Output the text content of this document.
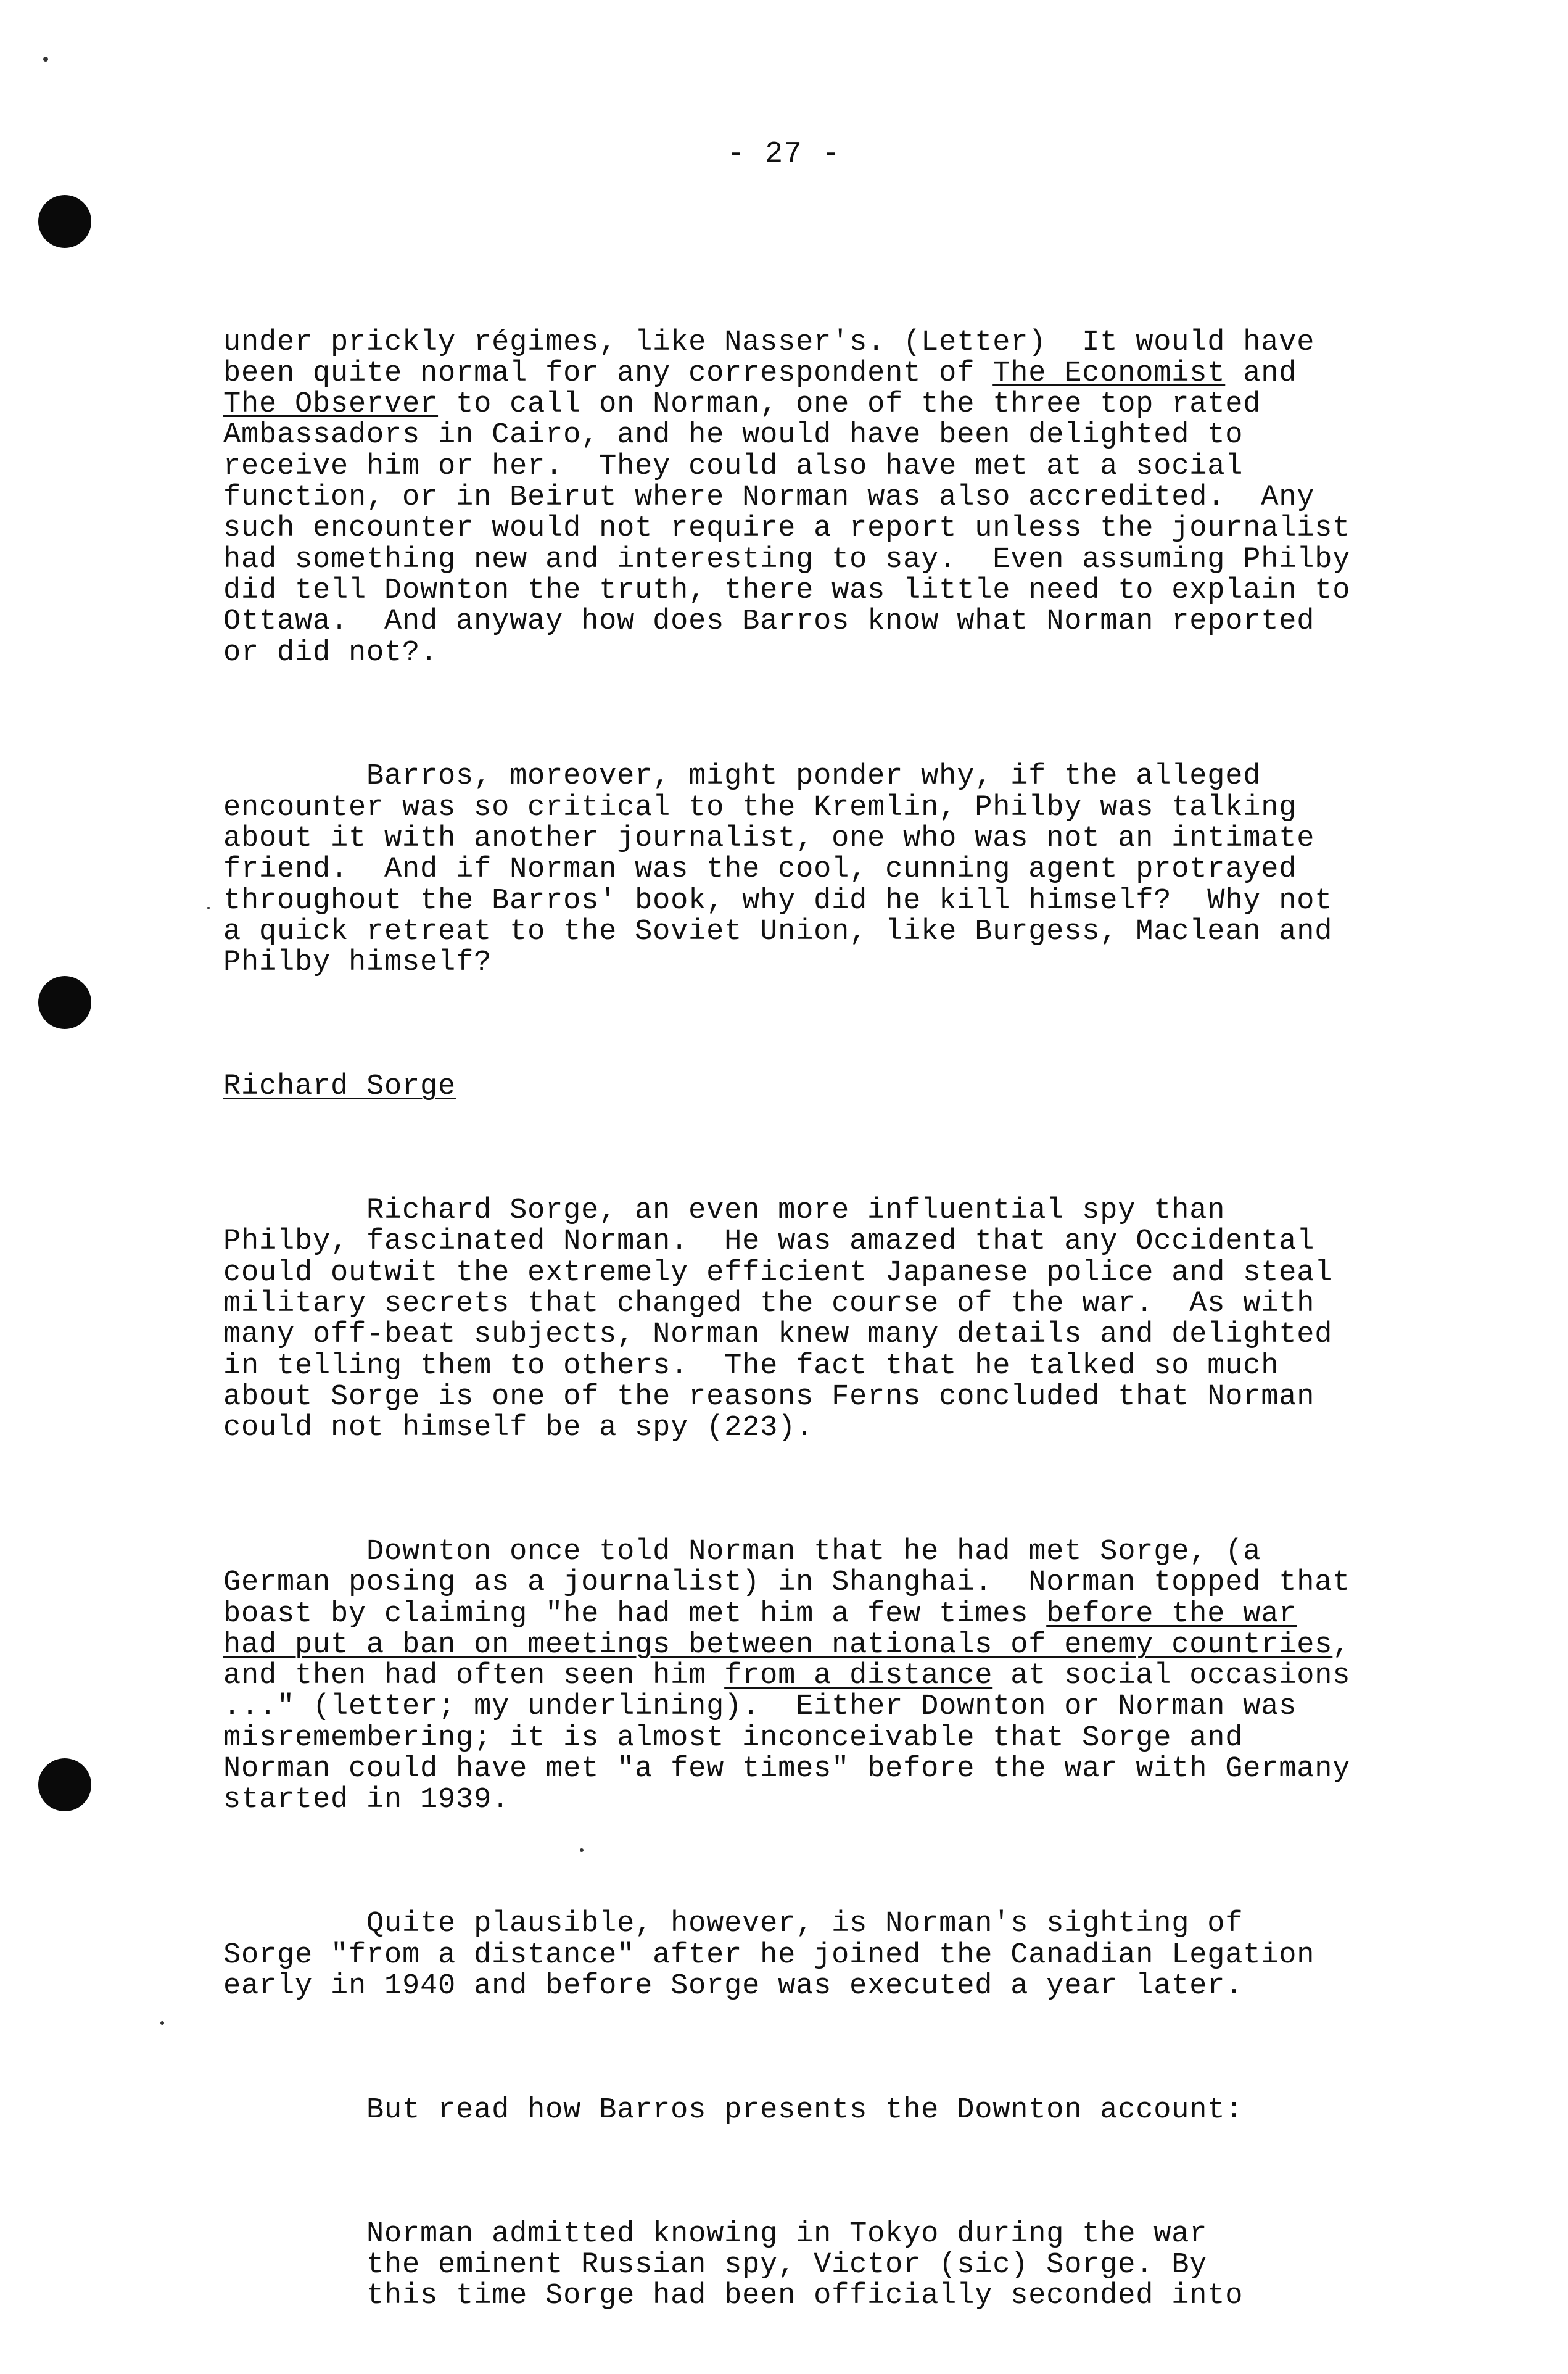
- 27 -

under prickly régimes, like Nasser's. (Letter)  It would have
been quite normal for any correspondent of The Economist and
The Observer to call on Norman, one of the three top rated
Ambassadors in Cairo, and he would have been delighted to
receive him or her.  They could also have met at a social
function, or in Beirut where Norman was also accredited.  Any
such encounter would not require a report unless the journalist
had something new and interesting to say.  Even assuming Philby
did tell Downton the truth, there was little need to explain to
Ottawa.  And anyway how does Barros know what Norman reported
or did not?.

Barros, moreover, might ponder why, if the alleged
encounter was so critical to the Kremlin, Philby was talking
about it with another journalist, one who was not an intimate
friend.  And if Norman was the cool, cunning agent protrayed
throughout the Barros' book, why did he kill himself?  Why not
a quick retreat to the Soviet Union, like Burgess, Maclean and
Philby himself?

Richard Sorge

Richard Sorge, an even more influential spy than
Philby, fascinated Norman.  He was amazed that any Occidental
could outwit the extremely efficient Japanese police and steal
military secrets that changed the course of the war.  As with
many off-beat subjects, Norman knew many details and delighted
in telling them to others.  The fact that he talked so much
about Sorge is one of the reasons Ferns concluded that Norman
could not himself be a spy (223).

Downton once told Norman that he had met Sorge, (a
German posing as a journalist) in Shanghai.  Norman topped that
boast by claiming "he had met him a few times before the war
had put a ban on meetings between nationals of enemy countries,
and then had often seen him from a distance at social occasions
..." (letter; my underlining).  Either Downton or Norman was
misremembering; it is almost inconceivable that Sorge and
Norman could have met "a few times" before the war with Germany
started in 1939.

Quite plausible, however, is Norman's sighting of
Sorge "from a distance" after he joined the Canadian Legation
early in 1940 and before Sorge was executed a year later.

But read how Barros presents the Downton account:

Norman admitted knowing in Tokyo during the war
the eminent Russian spy, Victor (sic) Sorge. By
this time Sorge had been officially seconded into
